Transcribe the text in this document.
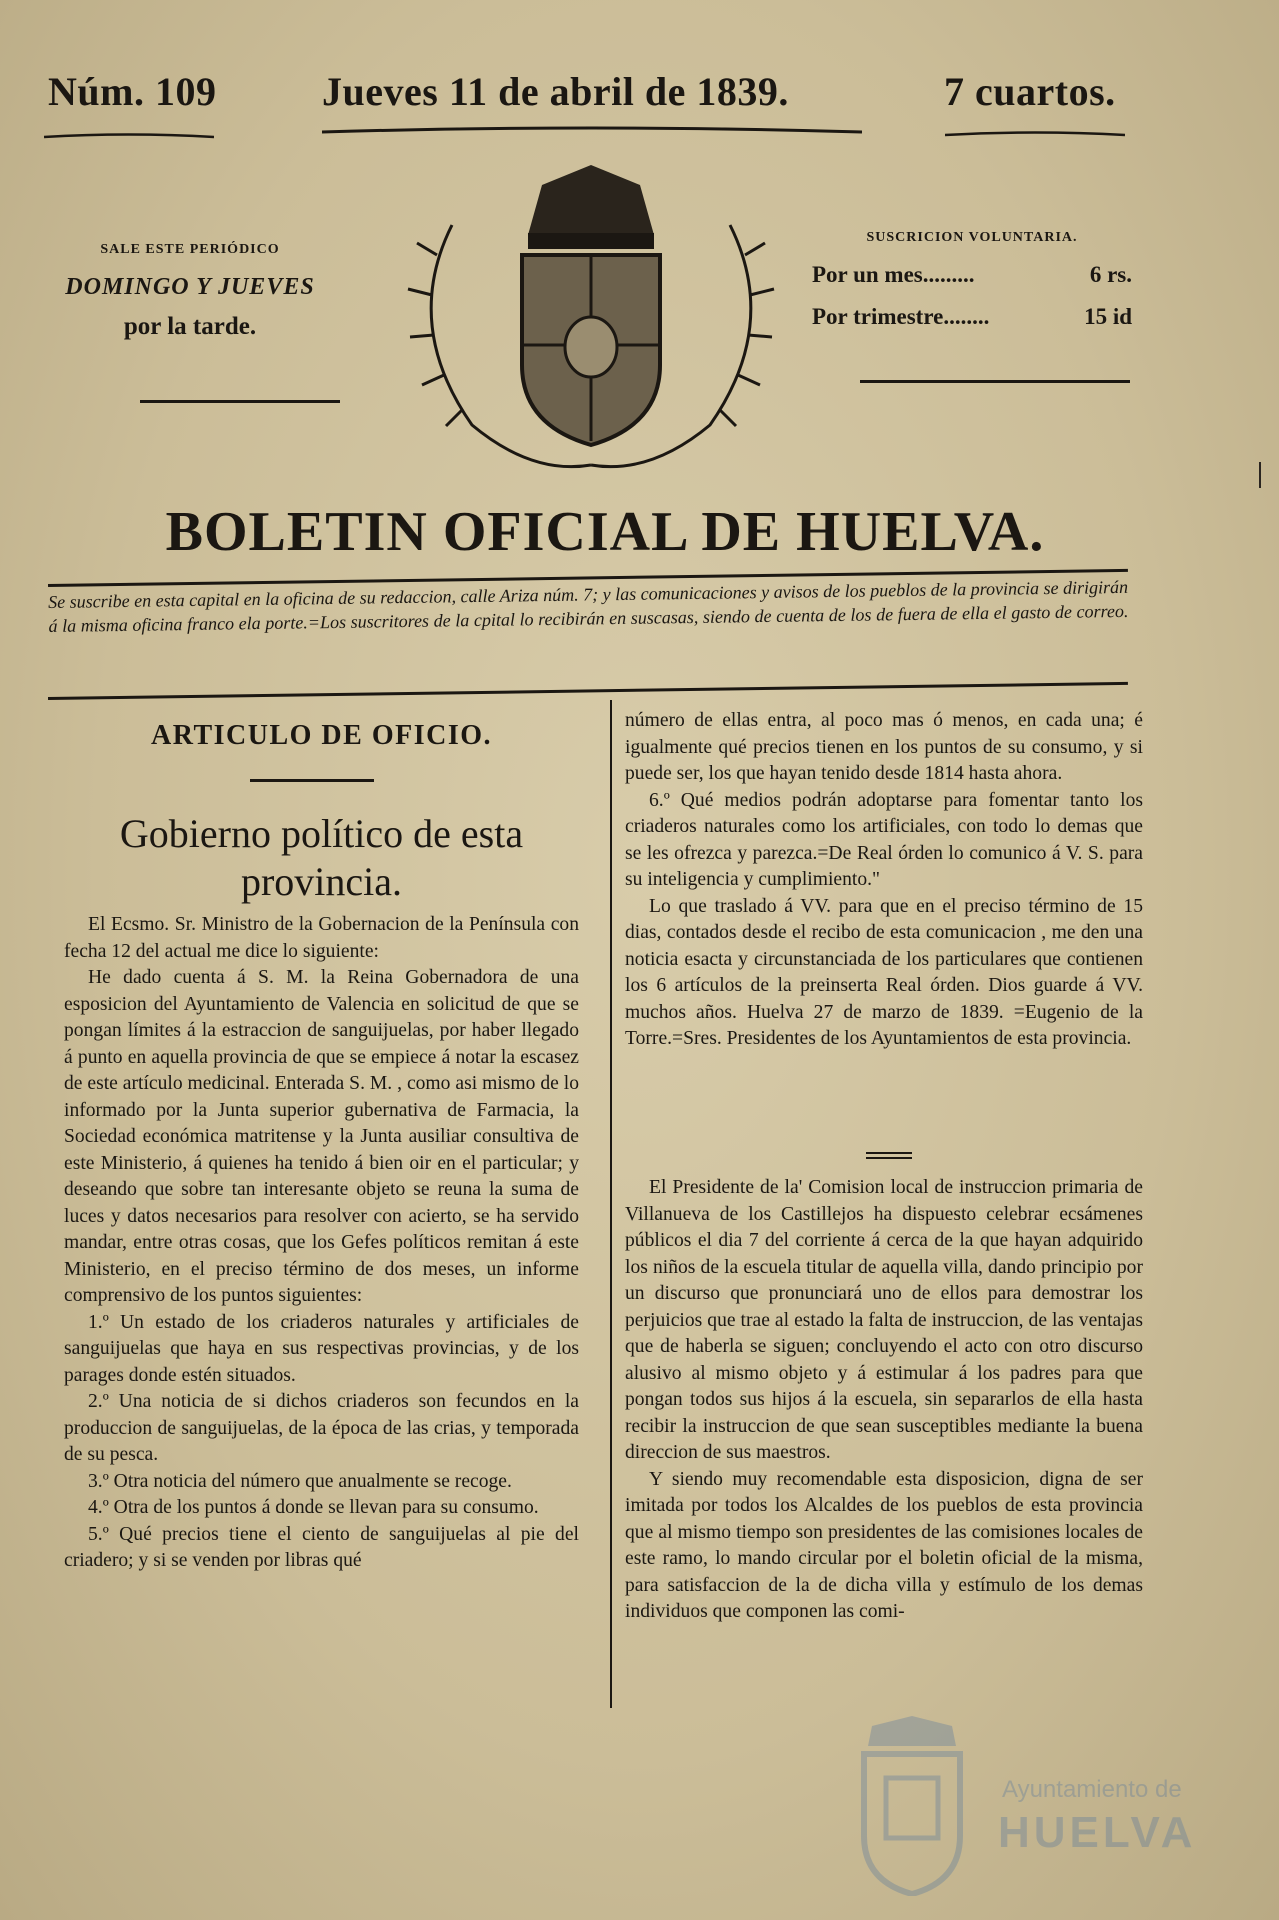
Núm. 109	Jueves 11 de abril de 1839.	7 cuartos.
SALE ESTE PERIÓDICO
DOMINGO Y JUEVES
por la tarde.
SUSCRICION VOLUNTARIA.
Por un mes.........	6 rs.
Por trimestre........	15 id
BOLETIN OFICIAL DE HUELVA.
Se suscribe en esta capital en la oficina de su redaccion, calle Ariza núm. 7; y las comunicaciones y avisos de los pueblos de la provincia se dirigirán á la misma oficina franco ela porte.=Los suscritores de la cpital lo recibirán en suscasas, siendo de cuenta de los de fuera de ella el gasto de correo.
ARTICULO DE OFICIO.
Gobierno político de esta provincia.

El Ecsmo. Sr. Ministro de la Gobernacion de la Península con fecha 12 del actual me dice lo siguiente:

He dado cuenta á S. M. la Reina Gobernadora de una esposicion del Ayuntamiento de Valencia en solicitud de que se pongan límites á la estraccion de sanguijuelas, por haber llegado á punto en aquella provincia de que se empiece á notar la escasez de este artículo medicinal. Enterada S. M. , como asi mismo de lo informado por la Junta superior gubernativa de Farmacia, la Sociedad económica matritense y la Junta ausiliar consultiva de este Ministerio, á quienes ha tenido á bien oir en el particular; y deseando que sobre tan interesante objeto se reuna la suma de luces y datos necesarios para resolver con acierto, se ha servido mandar, entre otras cosas, que los Gefes políticos remitan á este Ministerio, en el preciso término de dos meses, un informe comprensivo de los puntos siguientes:

1.º Un estado de los criaderos naturales y artificiales de sanguijuelas que haya en sus respectivas provincias, y de los parages donde estén situados.

2.º Una noticia de si dichos criaderos son fecundos en la produccion de sanguijuelas, de la época de las crias, y temporada de su pesca.

3.º Otra noticia del número que anualmente se recoge.

4.º Otra de los puntos á donde se llevan para su consumo.

5.º Qué precios tiene el ciento de sanguijuelas al pie del criadero; y si se venden por libras qué

número de ellas entra, al poco mas ó menos, en cada una; é igualmente qué precios tienen en los puntos de su consumo, y si puede ser, los que hayan tenido desde 1814 hasta ahora.

6.º Qué medios podrán adoptarse para fomentar tanto los criaderos naturales como los artificiales, con todo lo demas que se les ofrezca y parezca.=De Real órden lo comunico á V. S. para su inteligencia y cumplimiento."

Lo que traslado á VV. para que en el preciso término de 15 dias, contados desde el recibo de esta comunicacion , me den una noticia esacta y circunstanciada de los particulares que contienen los 6 artículos de la preinserta Real órden. Dios guarde á VV. muchos años. Huelva 27 de marzo de 1839. =Eugenio de la Torre.=Sres. Presidentes de los Ayuntamientos de esta provincia.

El Presidente de la' Comision local de instruccion primaria de Villanueva de los Castillejos ha dispuesto celebrar ecsámenes públicos el dia 7 del corriente á cerca de la que hayan adquirido los niños de la escuela titular de aquella villa, dando principio por un discurso que pronunciará uno de ellos para demostrar los perjuicios que trae al estado la falta de instruccion, de las ventajas que de haberla se siguen; concluyendo el acto con otro discurso alusivo al mismo objeto y á estimular á los padres para que pongan todos sus hijos á la escuela, sin separarlos de ella hasta recibir la instruccion de que sean susceptibles mediante la buena direccion de sus maestros.

Y siendo muy recomendable esta disposicion, digna de ser imitada por todos los Alcaldes de los pueblos de esta provincia que al mismo tiempo son presidentes de las comisiones locales de este ramo, lo mando circular por el boletin oficial de la misma, para satisfaccion de la de dicha villa y estímulo de los demas individuos que componen las comi-

Ayuntamiento de
HUELVA
